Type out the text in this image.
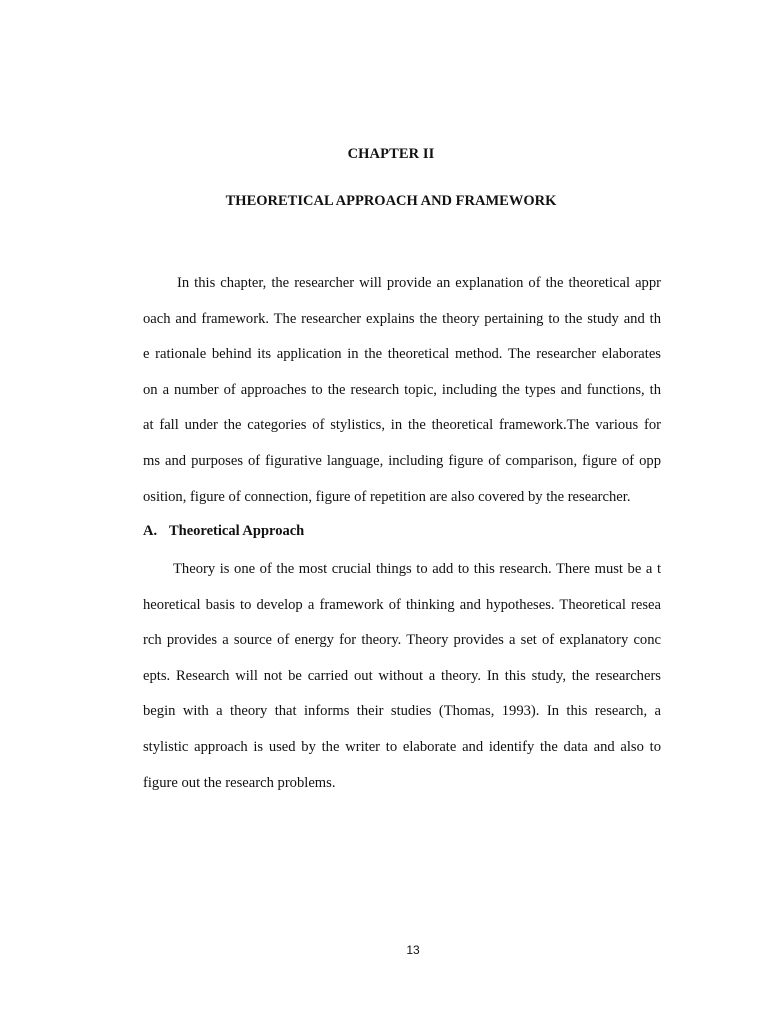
CHAPTER II
THEORETICAL APPROACH AND FRAMEWORK
In this chapter, the researcher will provide an explanation of the theoretical appr
oach and framework. The researcher explains the theory pertaining to the study and th
e rationale behind its application in the theoretical method. The researcher elaborates
on a number of approaches to the research topic, including the types and functions, th
at fall under the categories of stylistics, in the theoretical framework.The various for
ms and purposes of figurative language, including figure of comparison, figure of opp
osition, figure of connection, figure of repetition are also covered by the researcher.
A. Theoretical Approach
Theory is one of the most crucial things to add to this research. There must be a t
heoretical basis to develop a framework of thinking and hypotheses. Theoretical resea
rch provides a source of energy for theory. Theory provides a set of explanatory conc
epts. Research will not be carried out without a theory. In this study, the researchers
begin with a theory that informs their studies (Thomas, 1993). In this research, a
stylistic approach is used by the writer to elaborate and identify the data and also to
figure out the research problems.
13
